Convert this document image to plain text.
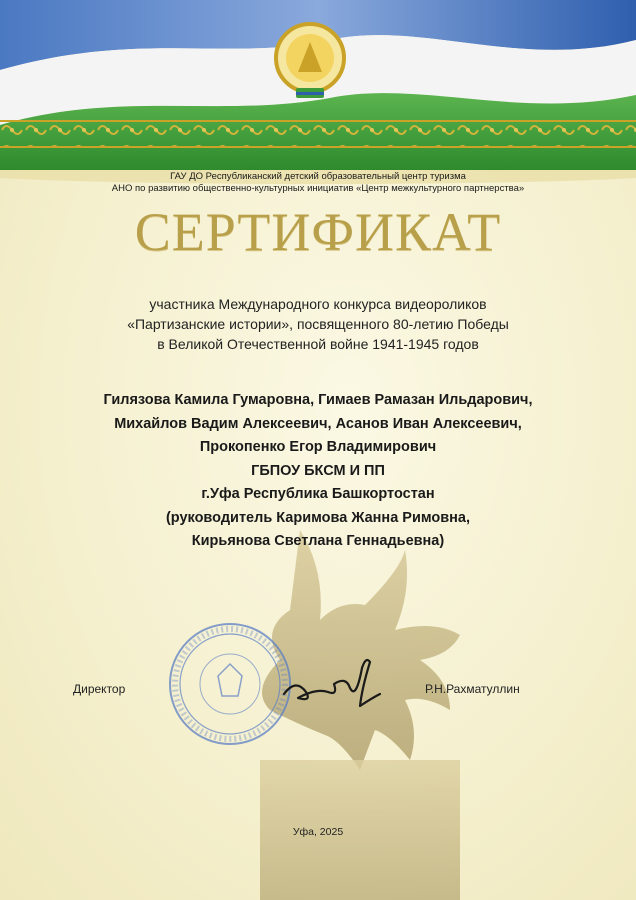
ГАУ ДО Республиканский детский образовательный центр туризма
АНО по развитию общественно-культурных инициатив «Центр межкультурного партнерства»
СЕРТИФИКАТ
участника Международного конкурса видеороликов
«Партизанские истории», посвященного 80-летию Победы
в Великой Отечественной войне 1941-1945 годов
Гилязова Камила Гумаровна, Гимаев Рамазан Ильдарович,
Михайлов Вадим Алексеевич, Асанов Иван Алексеевич,
Прокопенко Егор Владимирович
ГБПОУ БКСМ И ПП
г.Уфа Республика Башкортостан
(руководитель Каримова Жанна Римовна,
Кирьянова Светлана Геннадьевна)
Директор	Р.Н.Рахматуллин
Уфа, 2025
